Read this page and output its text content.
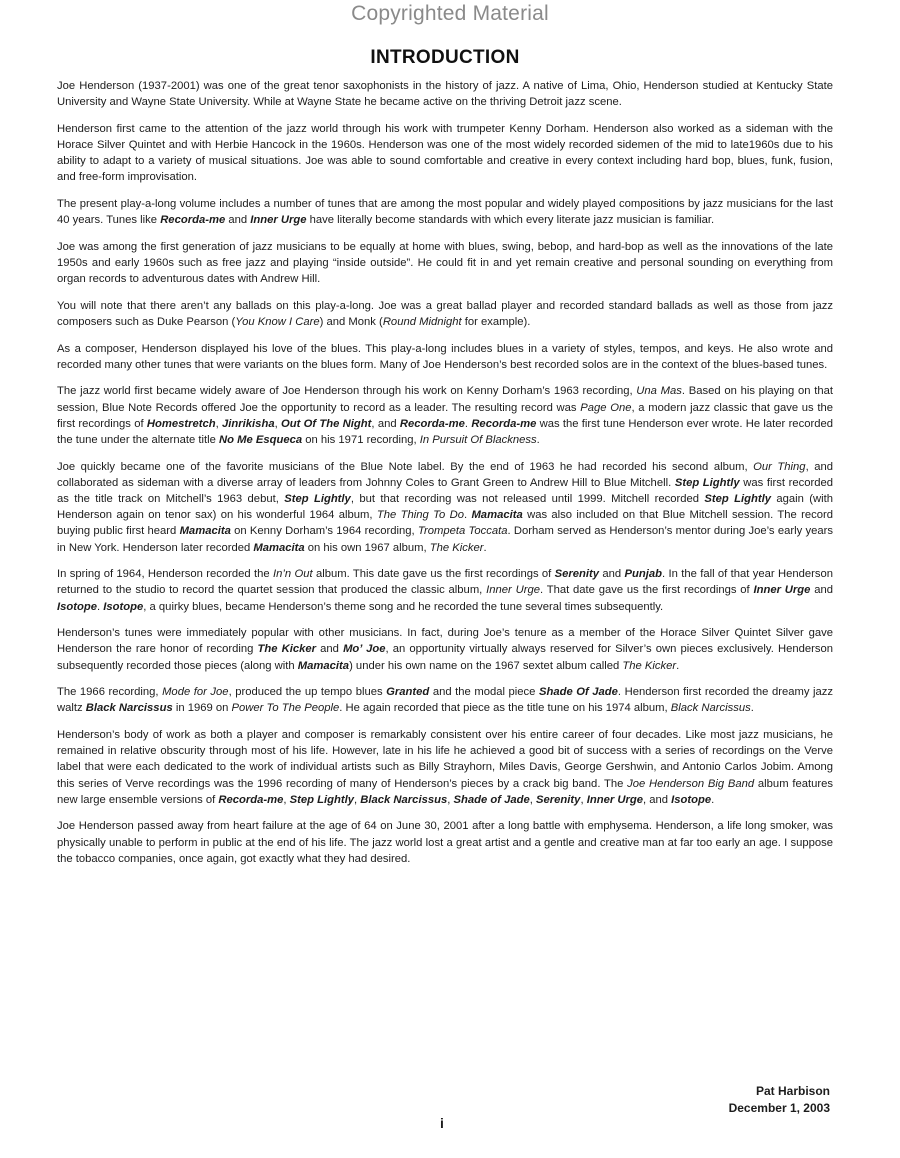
Copyrighted Material
INTRODUCTION

Joe Henderson (1937-2001) was one of the great tenor saxophonists in the history of jazz. A native of Lima, Ohio, Henderson studied at Kentucky State University and Wayne State University. While at Wayne State he became active on the thriving Detroit jazz scene.

Henderson first came to the attention of the jazz world through his work with trumpeter Kenny Dorham. Henderson also worked as a sideman with the Horace Silver Quintet and with Herbie Hancock in the 1960s. Henderson was one of the most widely recorded sidemen of the mid to late1960s due to his ability to adapt to a variety of musical situations. Joe was able to sound comfortable and creative in every context including hard bop, blues, funk, fusion, and free-form improvisation.

The present play-a-long volume includes a number of tunes that are among the most popular and widely played compositions by jazz musicians for the last 40 years. Tunes like Recorda-me and Inner Urge have literally become standards with which every literate jazz musician is familiar.

Joe was among the first generation of jazz musicians to be equally at home with blues, swing, bebop, and hard-bop as well as the innovations of the late 1950s and early 1960s such as free jazz and playing “inside outside”. He could fit in and yet remain creative and personal sounding on everything from organ records to adventurous dates with Andrew Hill.

You will note that there aren’t any ballads on this play-a-long. Joe was a great ballad player and recorded standard ballads as well as those from jazz composers such as Duke Pearson (You Know I Care) and Monk (Round Midnight for example).

As a composer, Henderson displayed his love of the blues. This play-a-long includes blues in a variety of styles, tempos, and keys. He also wrote and recorded many other tunes that were variants on the blues form. Many of Joe Henderson’s best recorded solos are in the context of the blues-based tunes.

The jazz world first became widely aware of Joe Henderson through his work on Kenny Dorham’s 1963 recording, Una Mas. Based on his playing on that session, Blue Note Records offered Joe the opportunity to record as a leader. The resulting record was Page One, a modern jazz classic that gave us the first recordings of Homestretch, Jinrikisha, Out Of The Night, and Recorda-me. Recorda-me was the first tune Henderson ever wrote. He later recorded the tune under the alternate title No Me Esqueca on his 1971 recording, In Pursuit Of Blackness.

Joe quickly became one of the favorite musicians of the Blue Note label. By the end of 1963 he had recorded his second album, Our Thing, and collaborated as sideman with a diverse array of leaders from Johnny Coles to Grant Green to Andrew Hill to Blue Mitchell. Step Lightly was first recorded as the title track on Mitchell’s 1963 debut, Step Lightly, but that recording was not released until 1999. Mitchell recorded Step Lightly again (with Henderson again on tenor sax) on his wonderful 1964 album, The Thing To Do. Mamacita was also included on that Blue Mitchell session. The record buying public first heard Mamacita on Kenny Dorham’s 1964 recording, Trompeta Toccata. Dorham served as Henderson’s mentor during Joe’s early years in New York. Henderson later recorded Mamacita on his own 1967 album, The Kicker.

In spring of 1964, Henderson recorded the In’n Out album. This date gave us the first recordings of Serenity and Punjab. In the fall of that year Henderson returned to the studio to record the quartet session that produced the classic album, Inner Urge. That date gave us the first recordings of Inner Urge and Isotope. Isotope, a quirky blues, became Henderson’s theme song and he recorded the tune several times subsequently.

Henderson’s tunes were immediately popular with other musicians. In fact, during Joe’s tenure as a member of the Horace Silver Quintet Silver gave Henderson the rare honor of recording The Kicker and Mo’ Joe, an opportunity virtually always reserved for Silver’s own pieces exclusively. Henderson subsequently recorded those pieces (along with Mamacita) under his own name on the 1967 sextet album called The Kicker.

The 1966 recording, Mode for Joe, produced the up tempo blues Granted and the modal piece Shade Of Jade. Henderson first recorded the dreamy jazz waltz Black Narcissus in 1969 on Power To The People. He again recorded that piece as the title tune on his 1974 album, Black Narcissus.

Henderson’s body of work as both a player and composer is remarkably consistent over his entire career of four decades. Like most jazz musicians, he remained in relative obscurity through most of his life. However, late in his life he achieved a good bit of success with a series of recordings on the Verve label that were each dedicated to the work of individual artists such as Billy Strayhorn, Miles Davis, George Gershwin, and Antonio Carlos Jobim. Among this series of Verve recordings was the 1996 recording of many of Henderson’s pieces by a crack big band. The Joe Henderson Big Band album features new large ensemble versions of Recorda-me, Step Lightly, Black Narcissus, Shade of Jade, Serenity, Inner Urge, and Isotope.

Joe Henderson passed away from heart failure at the age of 64 on June 30, 2001 after a long battle with emphysema. Henderson, a life long smoker, was physically unable to perform in public at the end of his life. The jazz world lost a great artist and a gentle and creative man at far too early an age. I suppose the tobacco companies, once again, got exactly what they had desired.

Pat Harbison
December 1, 2003
i
